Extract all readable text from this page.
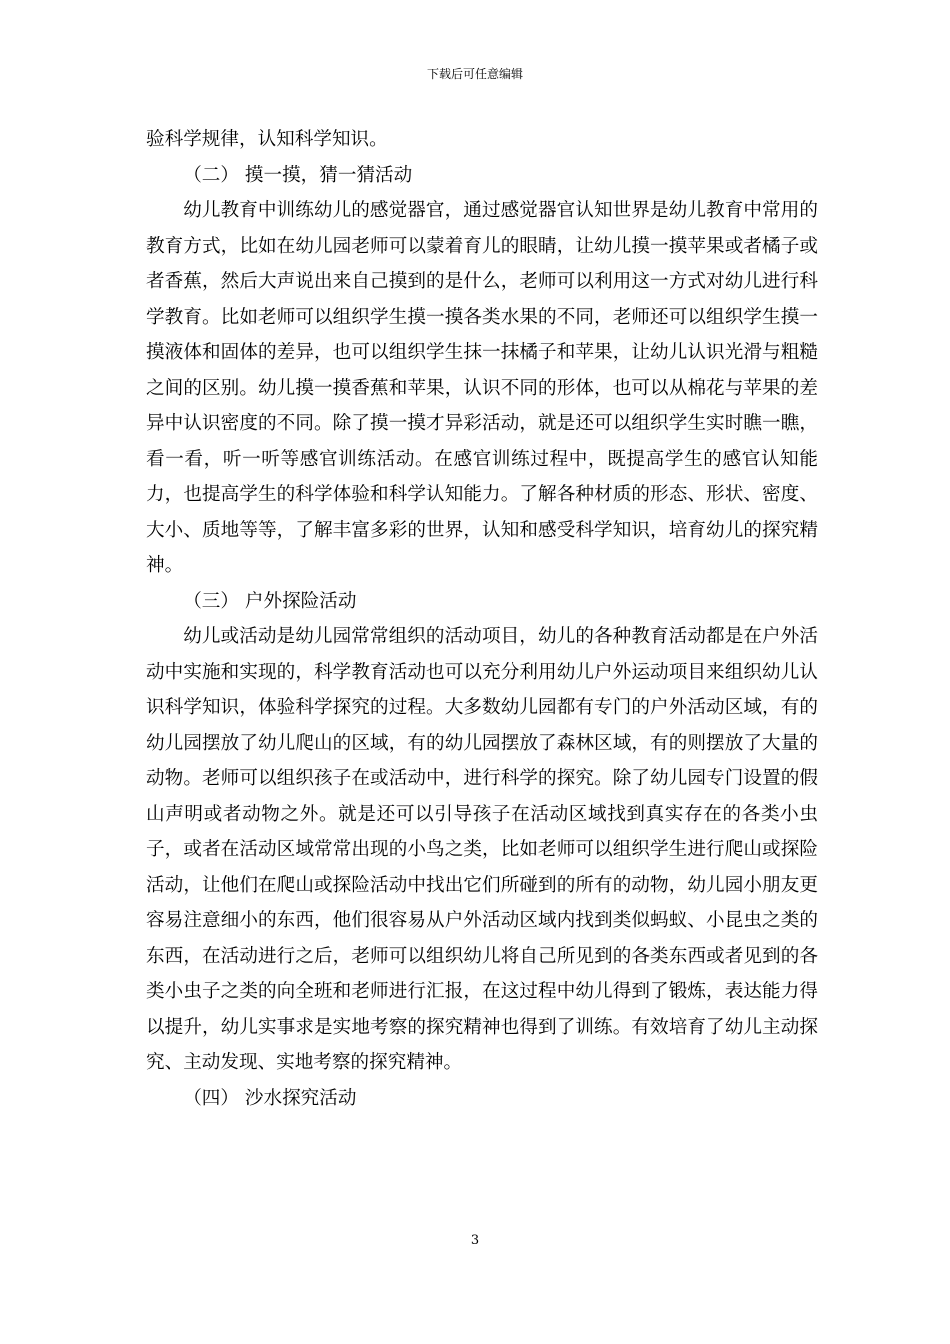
下载后可任意编辑

验科学规律，认知科学知识。

（二） 摸一摸，猜一猜活动

幼儿教育中训练幼儿的感觉器官，通过感觉器官认知世界是幼儿教育中常用的教育方式，比如在幼儿园老师可以蒙着育儿的眼睛，让幼儿摸一摸苹果或者橘子或者香蕉，然后大声说出来自己摸到的是什么，老师可以利用这一方式对幼儿进行科学教育。比如老师可以组织学生摸一摸各类水果的不同，老师还可以组织学生摸一摸液体和固体的差异，也可以组织学生抹一抹橘子和苹果，让幼儿认识光滑与粗糙之间的区别。幼儿摸一摸香蕉和苹果，认识不同的形体，也可以从棉花与苹果的差异中认识密度的不同。除了摸一摸才异彩活动，就是还可以组织学生实时瞧一瞧，看一看，听一听等感官训练活动。在感官训练过程中，既提高学生的感官认知能力，也提高学生的科学体验和科学认知能力。了解各种材质的形态、形状、密度、大小、质地等等，了解丰富多彩的世界，认知和感受科学知识，培育幼儿的探究精神。

（三） 户外探险活动

幼儿或活动是幼儿园常常组织的活动项目，幼儿的各种教育活动都是在户外活动中实施和实现的，科学教育活动也可以充分利用幼儿户外运动项目来组织幼儿认识科学知识，体验科学探究的过程。大多数幼儿园都有专门的户外活动区域，有的幼儿园摆放了幼儿爬山的区域，有的幼儿园摆放了森林区域，有的则摆放了大量的动物。老师可以组织孩子在或活动中，进行科学的探究。除了幼儿园专门设置的假山声明或者动物之外。就是还可以引导孩子在活动区域找到真实存在的各类小虫子，或者在活动区域常常出现的小鸟之类，比如老师可以组织学生进行爬山或探险活动，让他们在爬山或探险活动中找出它们所碰到的所有的动物，幼儿园小朋友更容易注意细小的东西，他们很容易从户外活动区域内找到类似蚂蚁、小昆虫之类的东西，在活动进行之后，老师可以组织幼儿将自己所见到的各类东西或者见到的各类小虫子之类的向全班和老师进行汇报，在这过程中幼儿得到了锻炼，表达能力得以提升，幼儿实事求是实地考察的探究精神也得到了训练。有效培育了幼儿主动探究、主动发现、实地考察的探究精神。

（四） 沙水探究活动

3
